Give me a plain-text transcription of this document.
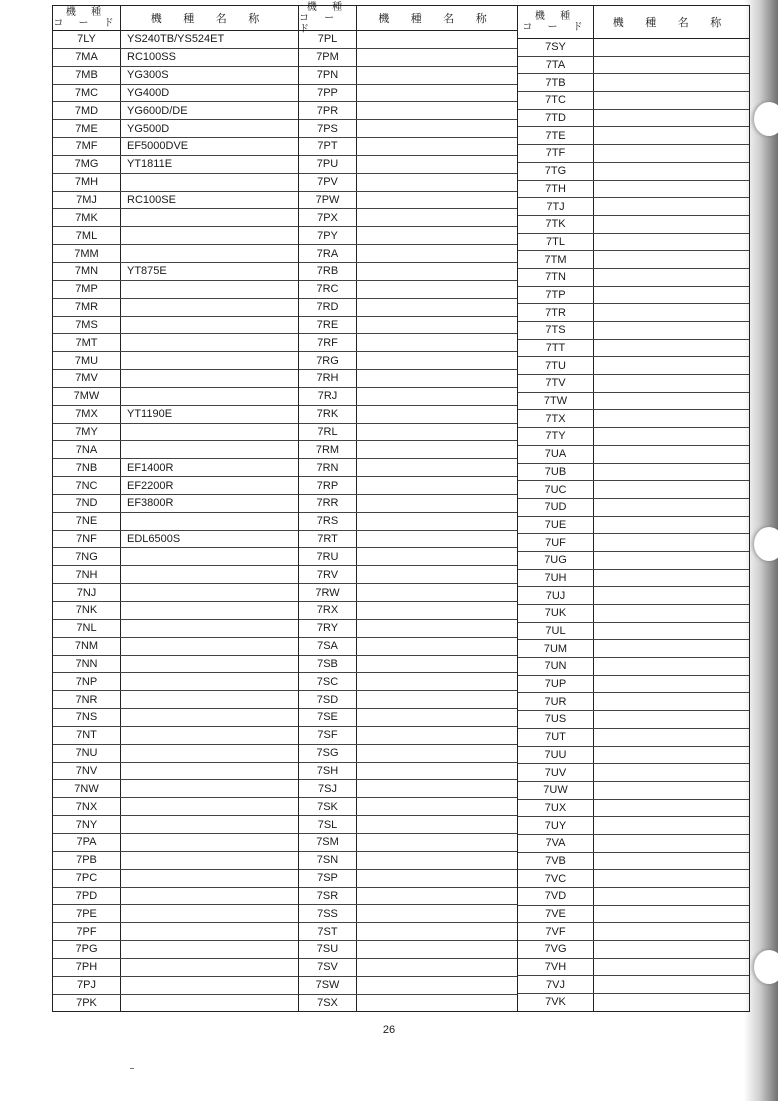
機 種
コ ー ド	機 種 名 称
7LY	YS240TB/YS524ET
7MA	RC100SS
7MB	YG300S
7MC	YG400D
7MD	YG600D/DE
7ME	YG500D
7MF	EF5000DVE
7MG	YT1811E
7MH
7MJ	RC100SE
7MK
7ML
7MM
7MN	YT875E
7MP
7MR
7MS
7MT
7MU
7MV
7MW
7MX	YT1190E
7MY
7NA
7NB	EF1400R
7NC	EF2200R
7ND	EF3800R
7NE
7NF	EDL6500S
7NG
7NH
7NJ
7NK
7NL
7NM
7NN
7NP
7NR
7NS
7NT
7NU
7NV
7NW
7NX
7NY
7PA
7PB
7PC
7PD
7PE
7PF
7PG
7PH
7PJ
7PK
機 種
コ ー ド
機 種 名 称
7PL
7PM
7PN
7PP
7PR
7PS
7PT
7PU
7PV
7PW
7PX
7PY
7RA
7RB
7RC
7RD
7RE
7RF
7RG
7RH
7RJ
7RK
7RL
7RM
7RN
7RP
7RR
7RS
7RT
7RU
7RV
7RW
7RX
7RY
7SA
7SB
7SC
7SD
7SE
7SF
7SG
7SH
7SJ
7SK
7SL
7SM
7SN
7SP
7SR
7SS
7ST
7SU
7SV
7SW
7SX
機 種
コ ー ド	機 種 名 称
7SY
7TA
7TB
7TC
7TD
7TE
7TF
7TG
7TH
7TJ
7TK
7TL
7TM
7TN
7TP
7TR
7TS
7TT
7TU
7TV
7TW
7TX
7TY
7UA
7UB
7UC
7UD
7UE
7UF
7UG
7UH
7UJ
7UK
7UL
7UM
7UN
7UP
7UR
7US
7UT
7UU
7UV
7UW
7UX
7UY
7VA
7VB
7VC
7VD
7VE
7VF
7VG
7VH
7VJ
7VK
26
